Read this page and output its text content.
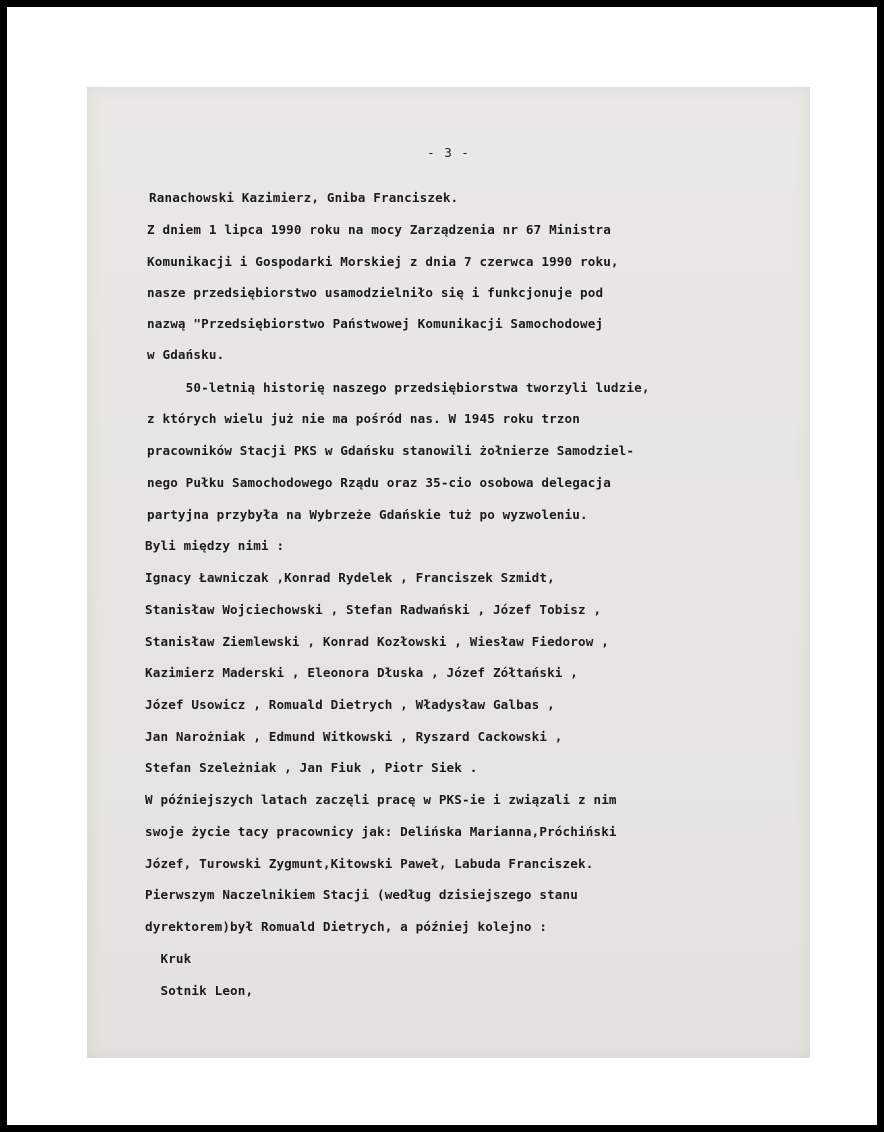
- 3 -
Ranachowski Kazimierz, Gniba Franciszek.
Z dniem 1 lipca 1990 roku na mocy Zarządzenia nr 67 Ministra
Komunikacji i Gospodarki Morskiej z dnia 7 czerwca 1990 roku,
nasze przedsiębiorstwo usamodzielniło się i funkcjonuje pod
nazwą "Przedsiębiorstwo Państwowej Komunikacji Samochodowej
w Gdańsku.
50-letnią historię naszego przedsiębiorstwa tworzyli ludzie,
z których wielu już nie ma pośród nas. W 1945 roku trzon
pracowników Stacji PKS w Gdańsku stanowili żołnierze Samodziel-
nego Pułku Samochodowego Rządu oraz 35-cio osobowa delegacja
partyjna przybyła na Wybrzeże Gdańskie tuż po wyzwoleniu.
Byli między nimi :
Ignacy Ławniczak ,Konrad Rydelek , Franciszek Szmidt,
Stanisław Wojciechowski , Stefan Radwański , Józef Tobisz ,
Stanisław Ziemlewski , Konrad Kozłowski , Wiesław Fiedorow ,
Kazimierz Maderski , Eleonora Dłuska , Józef Zółtański ,
Józef Usowicz , Romuald Dietrych , Władysław Galbas ,
Jan Narożniak , Edmund Witkowski , Ryszard Cackowski ,
Stefan Szeleżniak , Jan Fiuk , Piotr Siek .
W późniejszych latach zaczęli pracę w PKS-ie i związali z nim
swoje życie tacy pracownicy jak: Delińska Marianna,Próchiński
Józef, Turowski Zygmunt,Kitowski Paweł, Labuda Franciszek.
Pierwszym Naczelnikiem Stacji (według dzisiejszego stanu
dyrektorem)był Romuald Dietrych, a później kolejno :
Kruk
Sotnik Leon,
